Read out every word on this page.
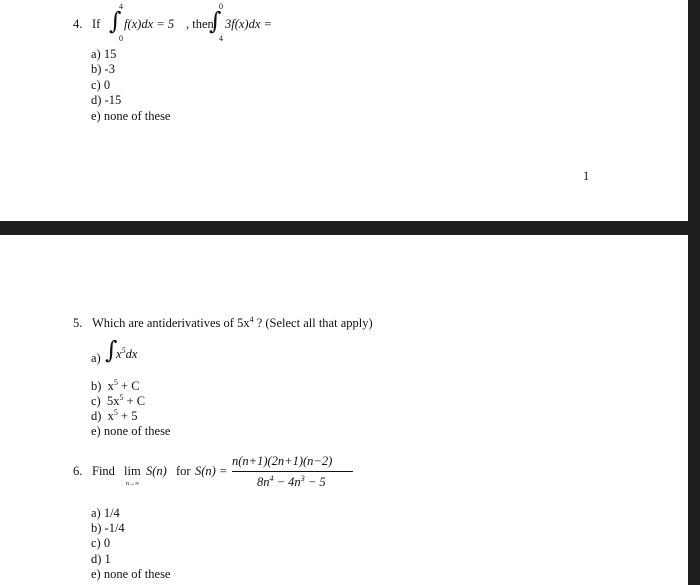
4. If
4
∫
0
f(x)dx = 5 , then
0
∫
4
3f(x)dx =
a) 15
b) -3
c) 0
d) -15
e) none of these
1
5. Which are antiderivatives of $5x^4$ ? (Select all that apply)
a) ∫
$x^5dx$
b) $x^5 + C$
c) $5x^5 + C$
d) $x^5 + 5$
e) none of these
6. Find lim
n→∞
S(n) for S(n) =
n(n+1)(2n+1)(n−2)
$8n^4 - 4n^3 - 5$
a) 1/4
b) -1/4
c) 0
d) 1
e) none of these
